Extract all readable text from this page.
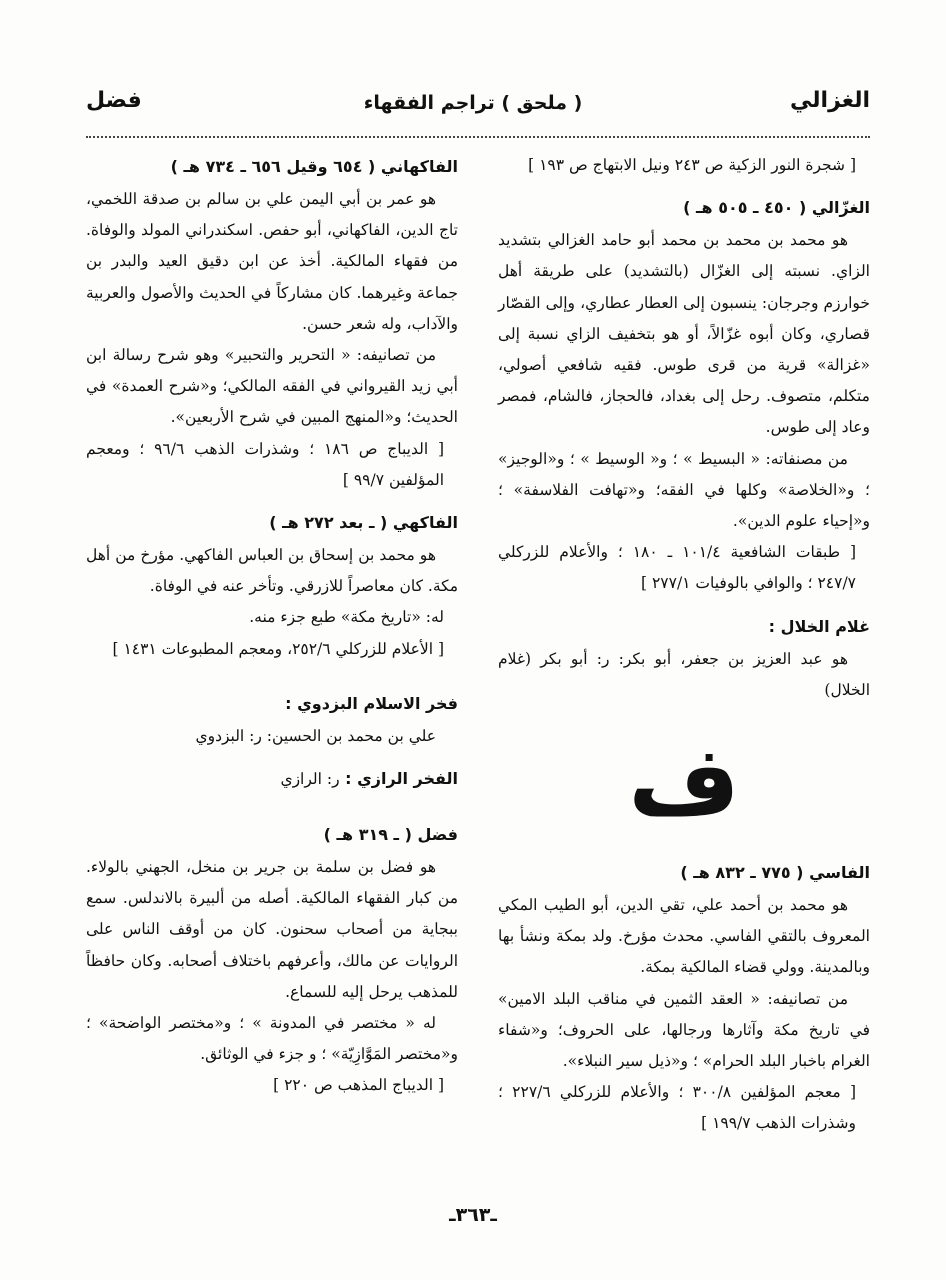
الغزالي
( ملحق ) تراجم الفقهاء
فضل

[ شجرة النور الزكية ص ٢٤٣ ونيل الابتهاج ص ١٩٣ ]

الغزّالي ( ٤٥٠ ـ ٥٠٥ هـ )

هو محمد بن محمد بن محمد أبو حامد الغزالي بتشديد الزاي. نسبته إلى الغزّال (بالتشديد) على طريقة أهل خوارزم وجرجان: ينسبون إلى العطار عطاري، وإلى القصّار قصاري، وكان أبوه غزّالاً، أو هو بتخفيف الزاي نسبة إلى «غزالة» قرية من قرى طوس. فقيه شافعي أصولي، متكلم، متصوف. رحل إلى بغداد، فالحجاز، فالشام، فمصر وعاد إلى طوس.

من مصنفاته: « البسيط » ؛ و« الوسيط » ؛ و«الوجيز» ؛ و«الخلاصة» وكلها في الفقه؛ و«تهافت الفلاسفة» ؛ و«إحياء علوم الدين».

[ طبقات الشافعية ١٠١/٤ ـ ١٨٠ ؛ والأعلام للزركلي ٢٤٧/٧ ؛ والوافي بالوفيات ٢٧٧/١ ]

غلام الخلال :

هو عبد العزيز بن جعفر، أبو بكر: ر: أبو بكر (غلام الخلال)

ف
الفاسي ( ٧٧٥ ـ ٨٣٢ هـ )

هو محمد بن أحمد علي، تقي الدين، أبو الطيب المكي المعروف بالتقي الفاسي. محدث مؤرخ. ولد بمكة ونشأ بها وبالمدينة. وولي قضاء المالكية بمكة.

من تصانيفه: « العقد الثمين في مناقب البلد الامين» في تاريخ مكة وآثارها ورجالها، على الحروف؛ و«شفاء الغرام باخبار البلد الحرام» ؛ و«ذيل سير النبلاء».

[ معجم المؤلفين ٣٠٠/٨ ؛ والأعلام للزركلي ٢٢٧/٦ ؛ وشذرات الذهب ١٩٩/٧ ]

الفاكهاني ( ٦٥٤ وقيل ٦٥٦ ـ ٧٣٤ هـ )

هو عمر بن أبي اليمن علي بن سالم بن صدقة اللخمي، تاج الدين، الفاكهاني، أبو حفص. اسكندراني المولد والوفاة. من فقهاء المالكية. أخذ عن ابن دقيق العيد والبدر بن جماعة وغيرهما. كان مشاركاً في الحديث والأصول والعربية والآداب، وله شعر حسن.

من تصانيفه: « التحرير والتحبير» وهو شرح رسالة ابن أبي زيد القيرواني في الفقه المالكي؛ و«شرح العمدة» في الحديث؛ و«المنهج المبين في شرح الأربعين».

[ الديباج ص ١٨٦ ؛ وشذرات الذهب ٩٦/٦ ؛ ومعجم المؤلفين ٩٩/٧ ]

الفاكهي ( ـ بعد ٢٧٢ هـ )

هو محمد بن إسحاق بن العباس الفاكهي. مؤرخ من أهل مكة. كان معاصراً للازرقي. وتأخر عنه في الوفاة.

له: «تاريخ مكة» طبع جزء منه.

[ الأعلام للزركلي ٢٥٢/٦، ومعجم المطبوعات ١٤٣١ ]

فخر الاسلام البزدوي :

علي بن محمد بن الحسين: ر: البزدوي

الفخر الرازي : ر: الرازي
فضل ( ـ ٣١٩ هـ )

هو فضل بن سلمة بن جرير بن منخل، الجهني بالولاء. من كبار الفقهاء المالكية. أصله من ألبيرة بالاندلس. سمع ببجاية من أصحاب سحنون. كان من أوقف الناس على الروايات عن مالك، وأعرفهم باختلاف أصحابه. وكان حافظاً للمذهب يرحل إليه للسماع.

له « مختصر في المدونة » ؛ و«مختصر الواضحة» ؛ و«مختصر المَوَّازِيّة» ؛ و جزء في الوثائق.

[ الديباج المذهب ص ٢٢٠ ]

ـ٣٦٣ـ
